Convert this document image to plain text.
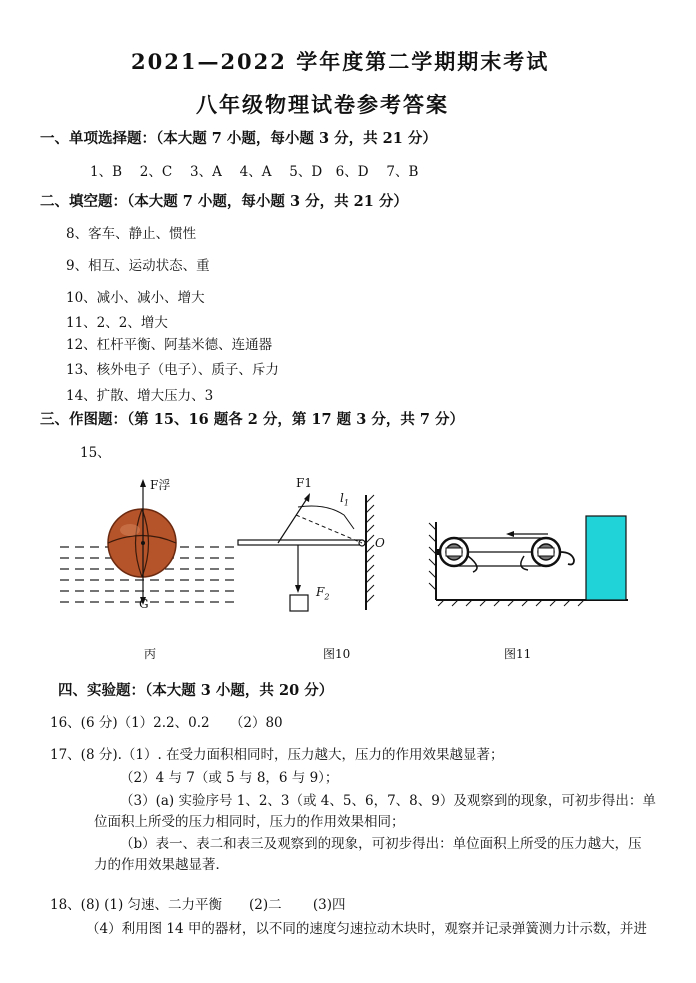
2021—2022 学年度第二学期期末考试
八年级物理试卷参考答案
一、单项选择题：（本大题 7 小题，每小题 3 分，共 21 分）
1、B　 2、C　 3、A　 4、A　 5、D　6、D　 7、B
二、填空题：（本大题 7 小题，每小题 3 分，共 21 分）
8、客车、静止、惯性
9、相互、运动状态、重
10、减小、减小、增大
11、2、2、增大
12、杠杆平衡、阿基米德、连通器
13、核外电子（电子）、质子、斥力
14、扩散、增大压力、3
三、作图题：（第 15、16 题各 2 分，第 17 题 3 分，共 7 分）
15、
F浮
G
丙
F1
$l_1$
O
$F_2$
图10	图11
四、实验题：（本大题 3 小题，共 20 分）
16、(6 分)（1）2.2、0.2　　（2）80
17、(8 分).（1）. 在受力面积相同时，压力越大，压力的作用效果越显著；
（2）4 与 7（或 5 与 8，6 与 9）；
（3）(a) 实验序号 1、2、3（或 4、5、6，7、8、9）及观察到的现象，可初步得出：单
位面积上所受的压力相同时，压力的作用效果相同；
（b）表一、表二和表三及观察到的现象，可初步得出：单位面积上所受的压力越大，压
力的作用效果越显著．
18、(8) (1) 匀速、二力平衡　　(2)二　　 (3)四
（4）利用图 14 甲的器材，以不同的速度匀速拉动木块时，观察并记录弹簧测力计示数，并进
